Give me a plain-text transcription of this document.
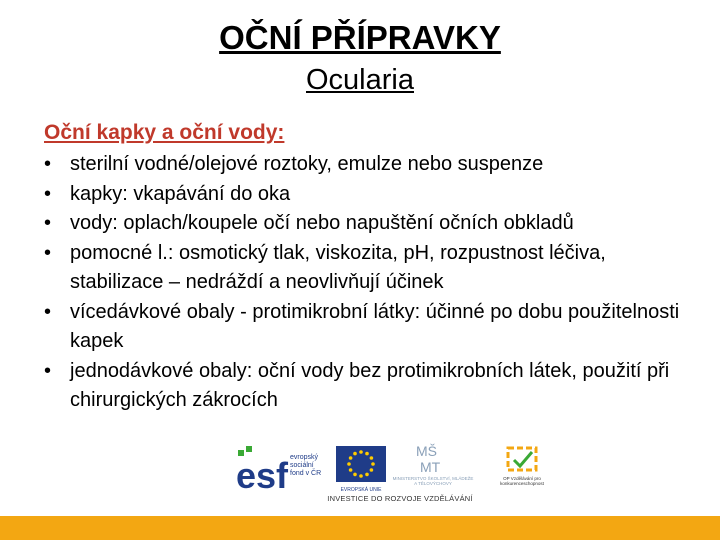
OČNÍ PŘÍPRAVKY
Ocularia
Oční kapky a oční vody:
• sterilní vodné/olejové roztoky, emulze nebo suspenze
• kapky: vkapávání do oka
• vody: oplach/koupele očí nebo napuštění očních obkladů
• pomocné l.: osmotický tlak, viskozita, pH, rozpustnost léčiva, stabilizace – nedráždí a neovlivňují účinek
• vícedávkové obaly - protimikrobní látky: účinné po dobu použitelnosti kapek
• jednodávkové obaly: oční vody bez protimikrobních látek, použití při chirurgických zákrocích
esf evropský
sociální
fond v ČR
EVROPSKÁ UNIE
MŠ
MT
MINISTERSTVO ŠKOLSTVÍ, MLÁDEŽE A TĚLOVÝCHOVY
OP Vzdělávání pro konkurenceschopnost
INVESTICE DO ROZVOJE VZDĚLÁVÁNÍ
